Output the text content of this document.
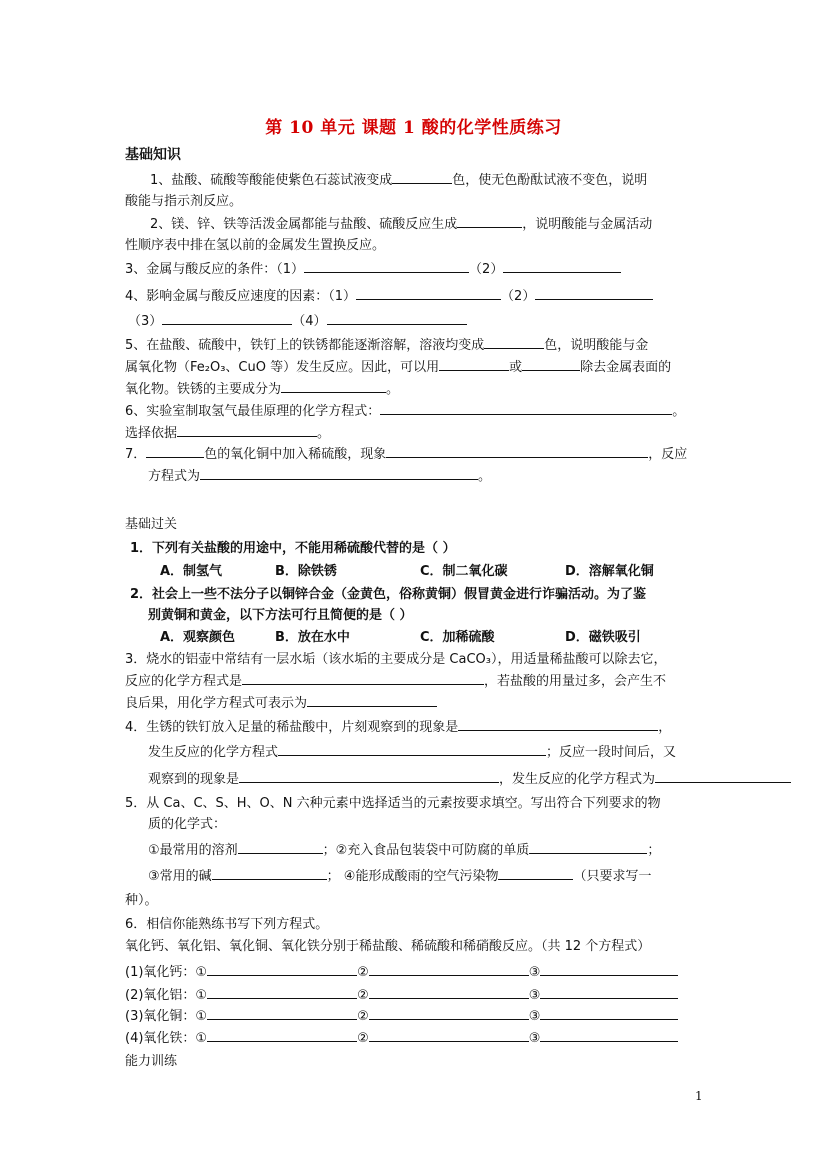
第 10 单元 课题 1 酸的化学性质练习
基础知识
1、盐酸、硫酸等酸能使紫色石蕊试液变成	色，使无色酚酞试液不变色，说明
酸能与指示剂反应。
2、镁、锌、铁等活泼金属都能与盐酸、硫酸反应生成	，说明酸能与金属活动
性顺序表中排在氢以前的金属发生置换反应。
3、金属与酸反应的条件：（1）	（2）
4、影响金属与酸反应速度的因素：（1）	（2）
（3）	（4）
5、在盐酸、硫酸中，铁钉上的铁锈都能逐渐溶解，溶液均变成	色，说明酸能与金
属氧化物（Fe₂O₃、CuO 等）发生反应。因此，可以用	或	除去金属表面的
氧化物。铁锈的主要成分为	。
6、实验室制取氢气最佳原理的化学方程式：	。
选择依据	。
7．	色的氧化铜中加入稀硫酸，现象	，反应
方程式为	。
基础过关
1．下列有关盐酸的用途中，不能用稀硫酸代替的是（ ）
A．制氢气	B．除铁锈	C．制二氧化碳	D．溶解氧化铜
2．社会上一些不法分子以铜锌合金（金黄色，俗称黄铜）假冒黄金进行诈骗活动。为了鉴
别黄铜和黄金，以下方法可行且简便的是（ ）
A．观察颜色	B．放在水中	C．加稀硫酸	D．磁铁吸引
3．烧水的铝壶中常结有一层水垢（该水垢的主要成分是 CaCO₃），用适量稀盐酸可以除去它，
反应的化学方程式是	，若盐酸的用量过多，会产生不
良后果，用化学方程式可表示为
4．生锈的铁钉放入足量的稀盐酸中，片刻观察到的现象是	，
发生反应的化学方程式	；反应一段时间后，又
观察到的现象是	，发生反应的化学方程式为
5．从 Ca、C、S、H、O、N 六种元素中选择适当的元素按要求填空。写出符合下列要求的物
质的化学式：
①最常用的溶剂	；②充入食品包装袋中可防腐的单质	；
③常用的碱	； ④能形成酸雨的空气污染物	（只要求写一
种）。
6．相信你能熟练书写下列方程式。
氧化钙、氧化铝、氧化铜、氧化铁分别于稀盐酸、稀硫酸和稀硝酸反应。（共 12 个方程式）
(1)氧化钙：①	②	③
(2)氧化铝：①	②	③
(3)氧化铜：①	②	③
(4)氧化铁：①	②	③
能力训练
1
